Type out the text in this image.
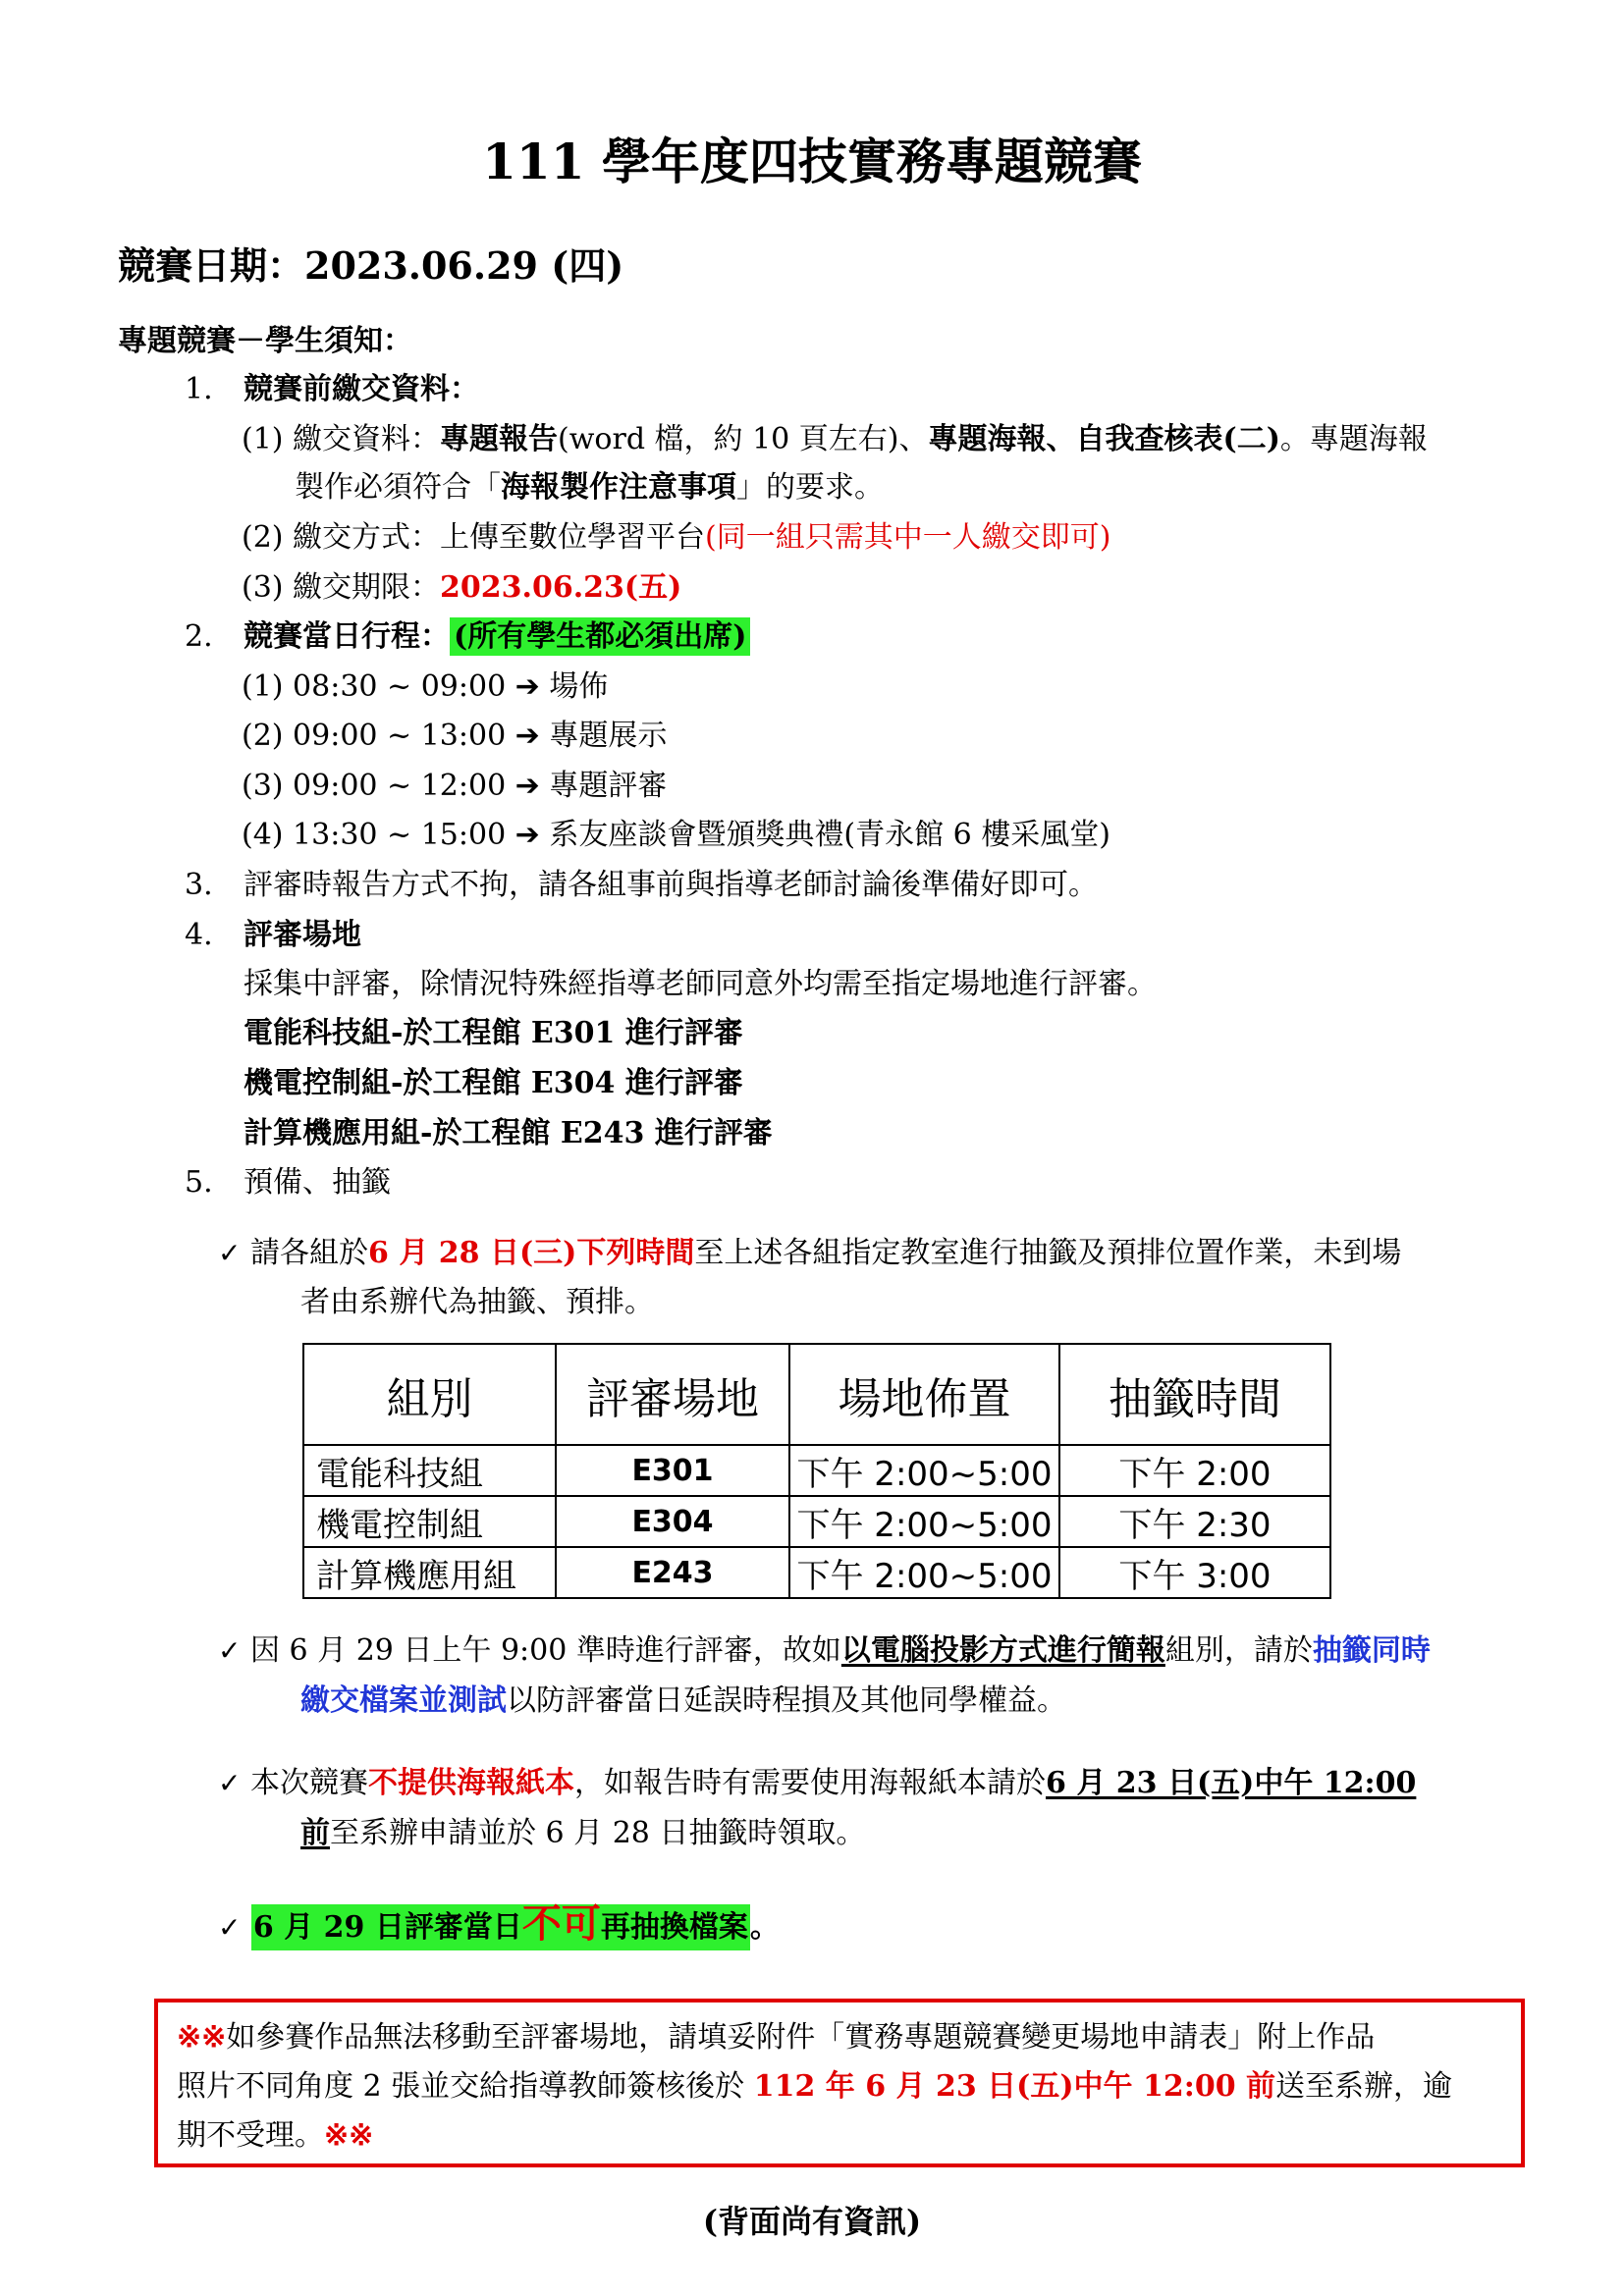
111 學年度四技實務專題競賽
競賽日期：2023.06.29 (四)
專題競賽－學生須知：
1. 競賽前繳交資料：
(1) 繳交資料：專題報告(word 檔，約 10 頁左右)、專題海報、自我查核表(二)。專題海報
製作必須符合「海報製作注意事項」的要求。
(2) 繳交方式：上傳至數位學習平台(同一組只需其中一人繳交即可)
(3) 繳交期限：2023.06.23(五)
2. 競賽當日行程： (所有學生都必須出席)
(1) 08:30 ~ 09:00 ➔ 場佈
(2) 09:00 ~ 13:00 ➔ 專題展示
(3) 09:00 ~ 12:00 ➔ 專題評審
(4) 13:30 ~ 15:00 ➔ 系友座談會暨頒獎典禮(青永館 6 樓采風堂)
3. 評審時報告方式不拘，請各組事前與指導老師討論後準備好即可。
4. 評審場地
採集中評審，除情況特殊經指導老師同意外均需至指定場地進行評審。
電能科技組-於工程館 E301 進行評審
機電控制組-於工程館 E304 進行評審
計算機應用組-於工程館 E243 進行評審
5. 預備、抽籤
✓ 請各組於6 月 28 日(三)下列時間至上述各組指定教室進行抽籤及預排位置作業，未到場
者由系辦代為抽籤、預排。
組別	評審場地	場地佈置	抽籤時間
電能科技組	E301	下午 2:00~5:00	下午 2:00
機電控制組	E304	下午 2:00~5:00	下午 2:30
計算機應用組	E243	下午 2:00~5:00	下午 3:00
✓ 因 6 月 29 日上午 9:00 準時進行評審，故如以電腦投影方式進行簡報組別，請於抽籤同時
繳交檔案並測試以防評審當日延誤時程損及其他同學權益。
✓ 本次競賽不提供海報紙本，如報告時有需要使用海報紙本請於6 月 23 日(五)中午 12:00
前至系辦申請並於 6 月 28 日抽籤時領取。
✓ 6 月 29 日評審當日不可再抽換檔案。
※※如參賽作品無法移動至評審場地，請填妥附件「實務專題競賽變更場地申請表」附上作品
照片不同角度 2 張並交給指導教師簽核後於 112 年 6 月 23 日(五)中午 12:00 前送至系辦，逾
期不受理。※※
(背面尚有資訊)
